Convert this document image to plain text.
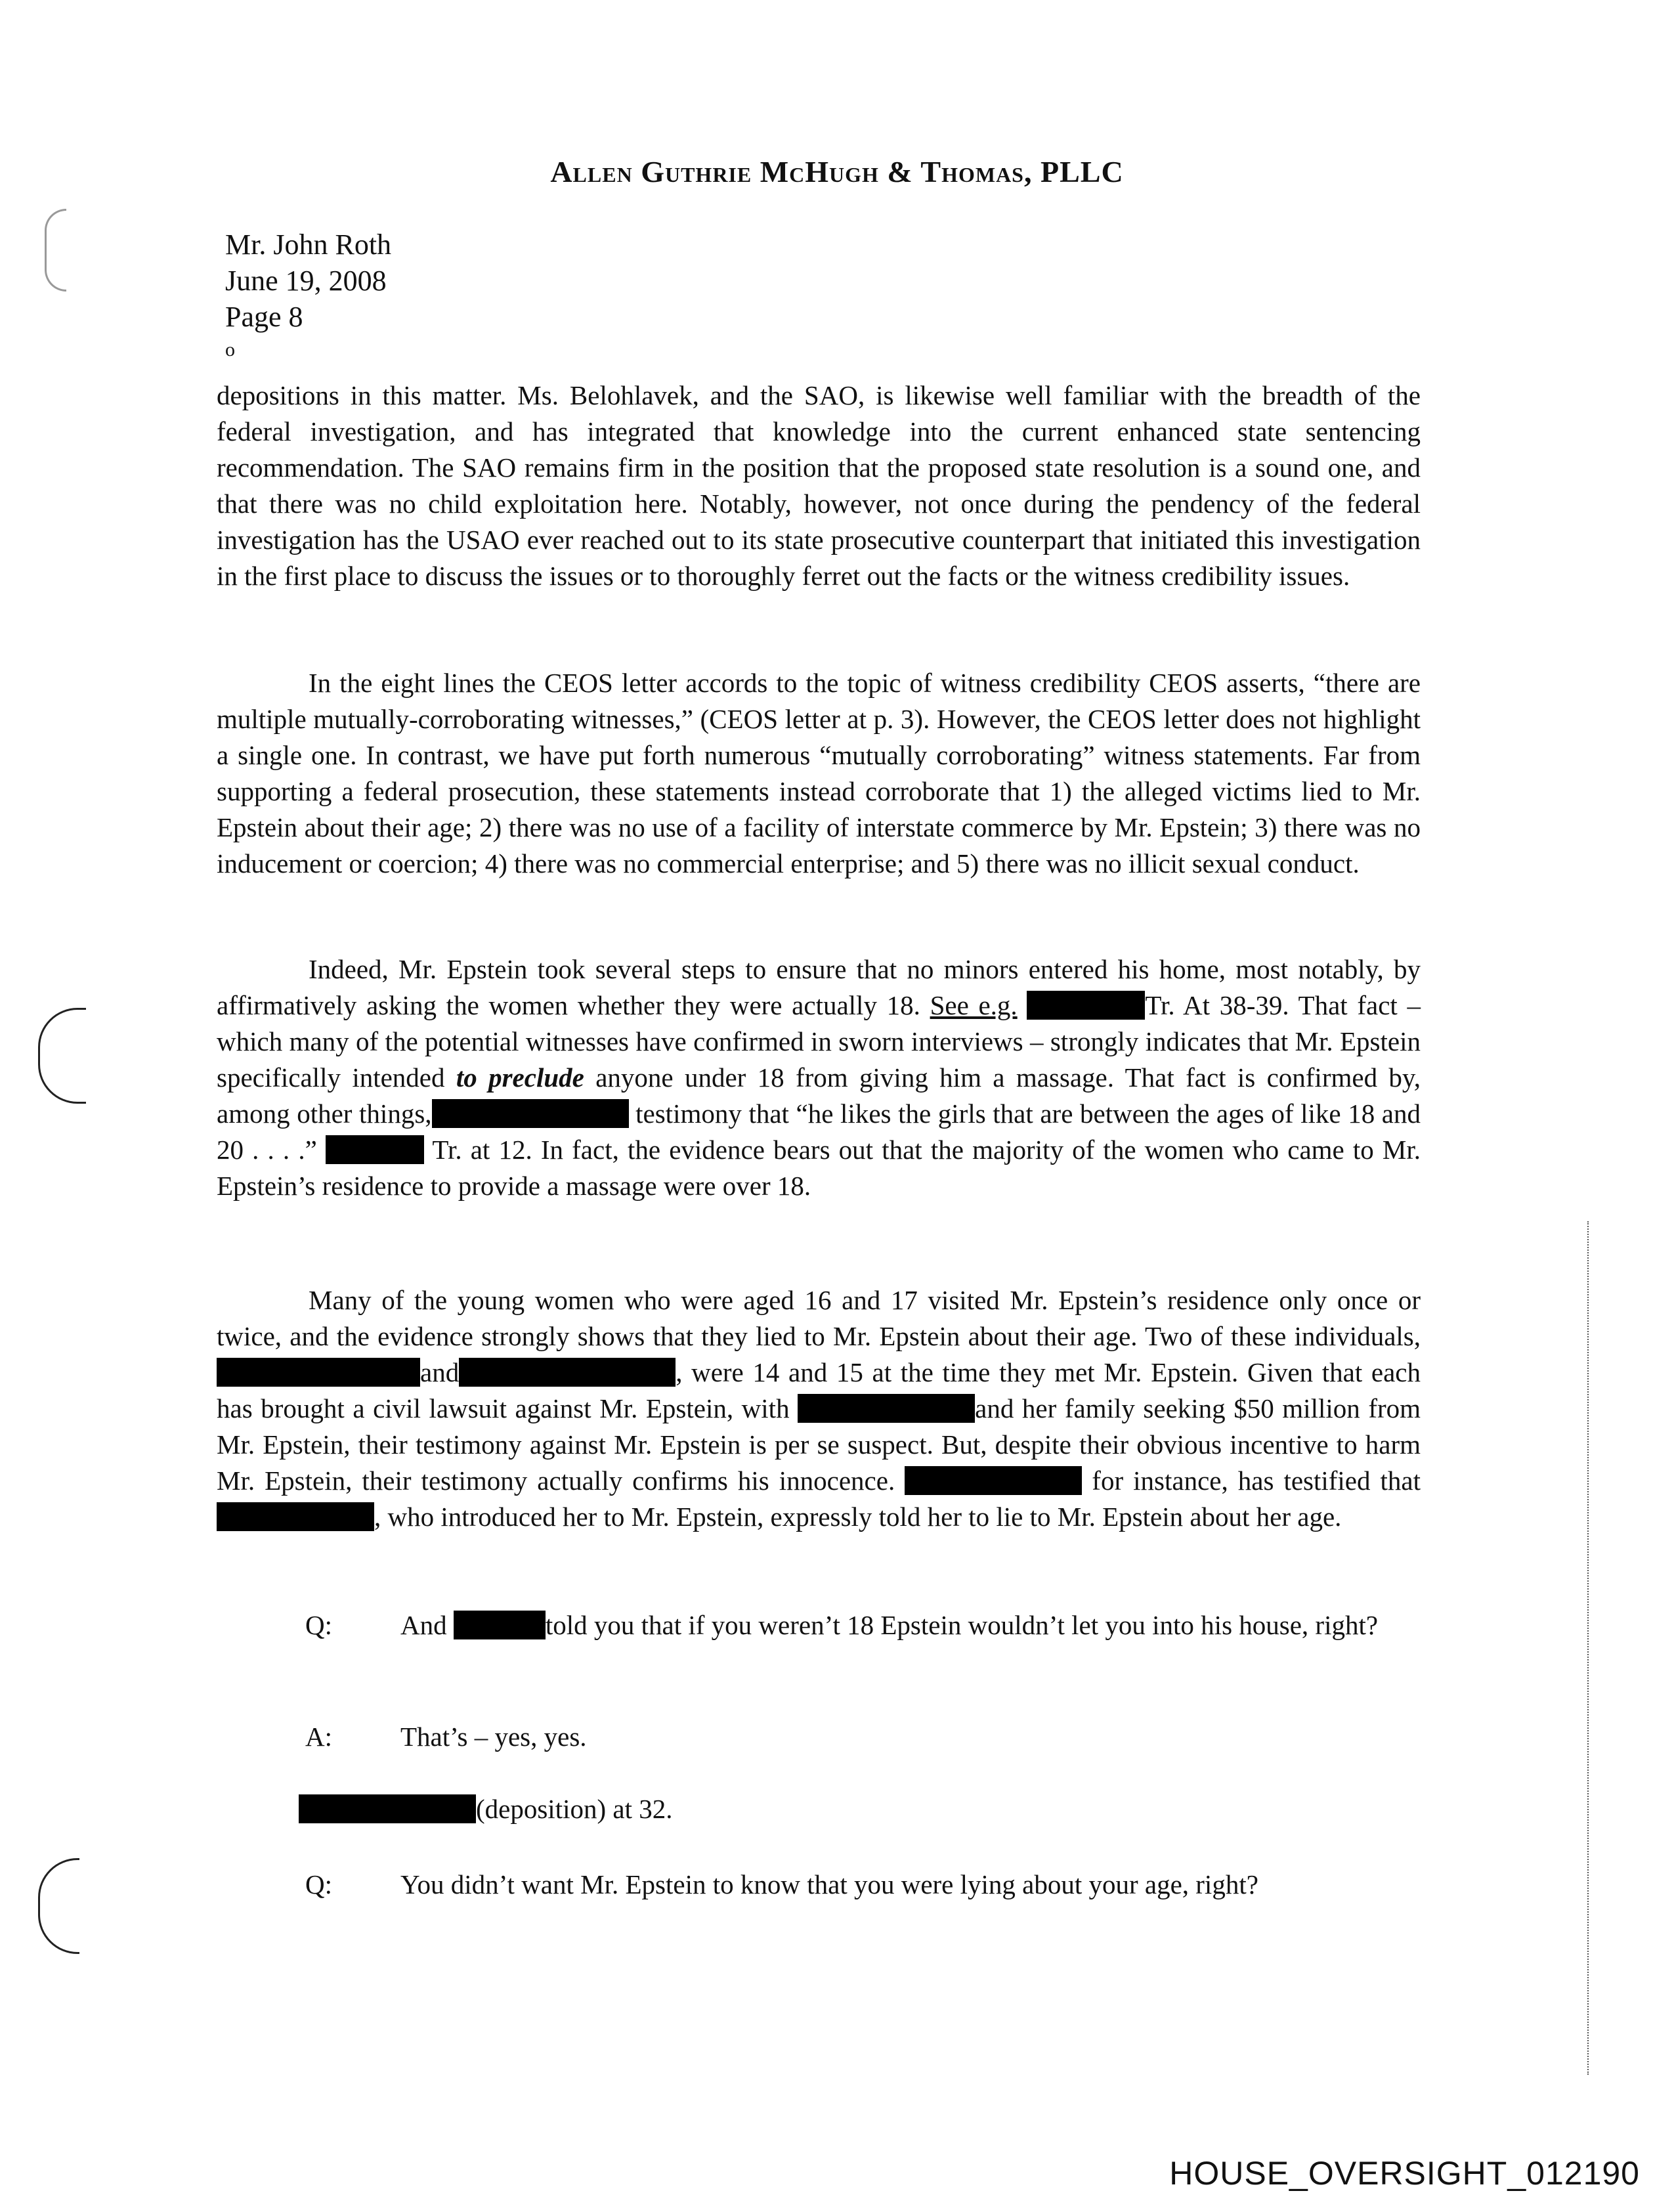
Allen Guthrie McHugh & Thomas, PLLC
Mr. John Roth
June 19, 2008
Page 8
o

depositions in this matter. Ms. Belohlavek, and the SAO, is likewise well familiar with the breadth of the federal investigation, and has integrated that knowledge into the current enhanced state sentencing recommendation. The SAO remains firm in the position that the proposed state resolution is a sound one, and that there was no child exploitation here. Notably, however, not once during the pendency of the federal investigation has the USAO ever reached out to its state prosecutive counterpart that initiated this investigation in the first place to discuss the issues or to thoroughly ferret out the facts or the witness credibility issues.

In the eight lines the CEOS letter accords to the topic of witness credibility CEOS asserts, “there are multiple mutually-corroborating witnesses,” (CEOS letter at p. 3). However, the CEOS letter does not highlight a single one. In contrast, we have put forth numerous “mutually corroborating” witness statements. Far from supporting a federal prosecution, these statements instead corroborate that 1) the alleged victims lied to Mr. Epstein about their age; 2) there was no use of a facility of interstate commerce by Mr. Epstein; 3) there was no inducement or coercion; 4) there was no commercial enterprise; and 5) there was no illicit sexual conduct.

Indeed, Mr. Epstein took several steps to ensure that no minors entered his home, most notably, by affirmatively asking the women whether they were actually 18. See e.g.	Tr. At 38-39. That fact – which many of the potential witnesses have confirmed in sworn interviews – strongly indicates that Mr. Epstein specifically intended to preclude anyone under 18 from giving him a massage. That fact is confirmed by, among other things,	testimony that “he likes the girls that are between the ages of like 18 and 20 . . . .”	Tr. at 12. In fact, the evidence bears out that the majority of the women who came to Mr. Epstein’s residence to provide a massage were over 18.

Many of the young women who were aged 16 and 17 visited Mr. Epstein’s residence only once or twice, and the evidence strongly shows that they lied to Mr. Epstein about their age. Two of these individuals,and	, were 14 and 15 at the time they met Mr. Epstein. Given that each has brought a civil lawsuit against Mr. Epstein, with	and her family seeking $50 million from Mr. Epstein, their testimony against Mr. Epstein is per se suspect. But, despite their obvious incentive to harm Mr. Epstein, their testimony actually confirms his innocence.	for instance, has testified that , who introduced her to Mr. Epstein, expressly told her to lie to Mr. Epstein about her age.

Q:	And	told you that if you weren’t 18 Epstein wouldn’t let you into his house, right?
A:	That’s – yes, yes.
(deposition) at 32.
Q:	You didn’t want Mr. Epstein to know that you were lying about your age, right?
HOUSE_OVERSIGHT_012190
